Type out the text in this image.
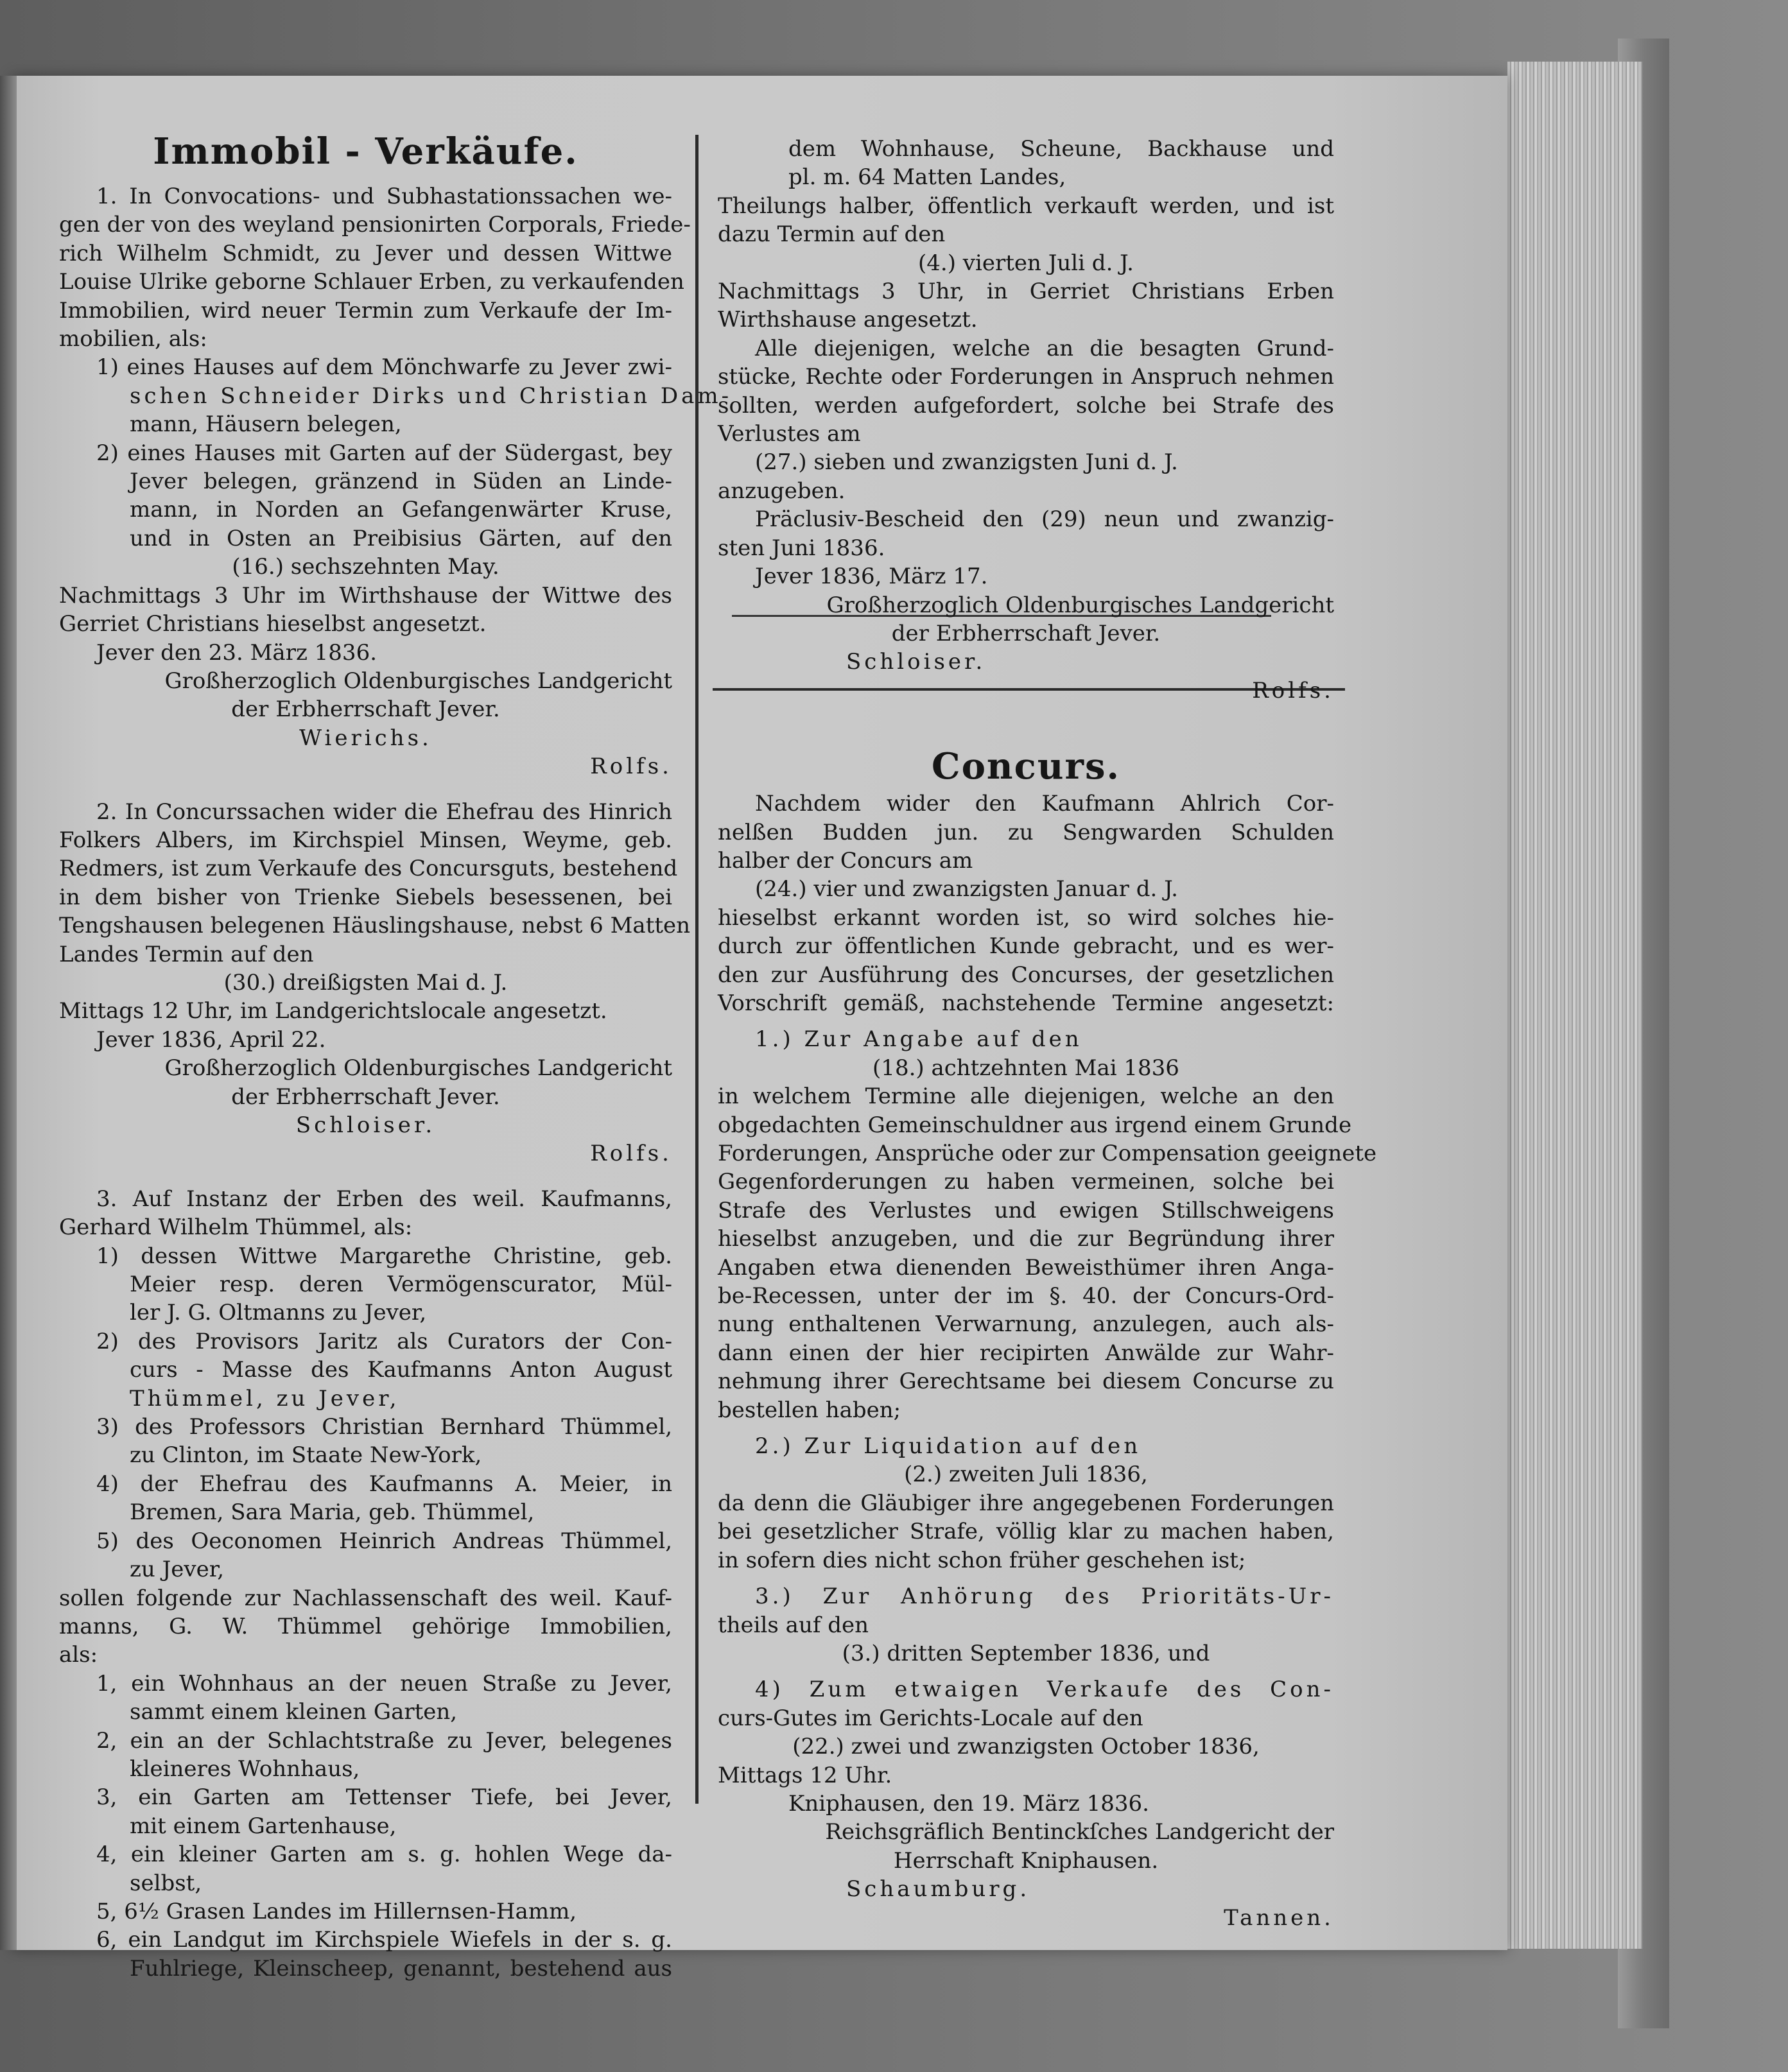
Immobil - Verkäufe.
1. In Convocations- und Subhastationssachen we-
gen der von des weyland pensionirten Corporals, Friede-
rich Wilhelm Schmidt, zu Jever und dessen Wittwe
Louise Ulrike geborne Schlauer Erben, zu verkaufenden
Immobilien, wird neuer Termin zum Verkaufe der Im-
mobilien, als:
1) eines Hauses auf dem Mönchwarfe zu Jever zwi-
schen Schneider Dirks und Christian Dam-
mann, Häusern belegen,
2) eines Hauses mit Garten auf der Südergast, bey
Jever belegen, gränzend in Süden an Linde-
mann, in Norden an Gefangenwärter Kruse,
und in Osten an Preibisius Gärten, auf den
(16.) sechszehnten May.
Nachmittags 3 Uhr im Wirthshause der Wittwe des
Gerriet Christians hieselbst angesetzt.
Jever den 23. März 1836.
Großherzoglich Oldenburgisches Landgericht
der Erbherrschaft Jever.
Wierichs.
Rolfs.
2. In Concurssachen wider die Ehefrau des Hinrich
Folkers Albers, im Kirchspiel Minsen, Weyme, geb.
Redmers, ist zum Verkaufe des Concursguts, bestehend
in dem bisher von Trienke Siebels besessenen, bei
Tengshausen belegenen Häuslingshause, nebst 6 Matten
Landes Termin auf den
(30.) dreißigsten Mai d. J.
Mittags 12 Uhr, im Landgerichtslocale angesetzt.
Jever 1836, April 22.
Großherzoglich Oldenburgisches Landgericht
der Erbherrschaft Jever.
Schloiser.
Rolfs.
3. Auf Instanz der Erben des weil. Kaufmanns,
Gerhard Wilhelm Thümmel, als:
1) dessen Wittwe Margarethe Christine, geb.
Meier resp. deren Vermögenscurator, Mül-
ler J. G. Oltmanns zu Jever,
2) des Provisors Jaritz als Curators der Con-
curs - Masse des Kaufmanns Anton August
Thümmel, zu Jever,
3) des Professors Christian Bernhard Thümmel,
zu Clinton, im Staate New-York,
4) der Ehefrau des Kaufmanns A. Meier, in
Bremen, Sara Maria, geb. Thümmel,
5) des Oeconomen Heinrich Andreas Thümmel,
zu Jever,
sollen folgende zur Nachlassenschaft des weil. Kauf-
manns, G. W. Thümmel gehörige Immobilien,
als:
1, ein Wohnhaus an der neuen Straße zu Jever,
sammt einem kleinen Garten,
2, ein an der Schlachtstraße zu Jever, belegenes
kleineres Wohnhaus,
3, ein Garten am Tettenser Tiefe, bei Jever,
mit einem Gartenhause,
4, ein kleiner Garten am s. g. hohlen Wege da-
selbst,
5, 6½ Grasen Landes im Hillernsen-Hamm,
6, ein Landgut im Kirchspiele Wiefels in der s. g.
Fuhlriege, Kleinscheep, genannt, bestehend aus
dem Wohnhause, Scheune, Backhause und
pl. m. 64 Matten Landes,
Theilungs halber, öffentlich verkauft werden, und ist
dazu Termin auf den
(4.) vierten Juli d. J.
Nachmittags 3 Uhr, in Gerriet Christians Erben
Wirthshause angesetzt.
Alle diejenigen, welche an die besagten Grund-
stücke, Rechte oder Forderungen in Anspruch nehmen
sollten, werden aufgefordert, solche bei Strafe des
Verlustes am
(27.) sieben und zwanzigsten Juni d. J.
anzugeben.
Präclusiv-Bescheid den (29) neun und zwanzig-
sten Juni 1836.
Jever 1836, März 17.
Großherzoglich Oldenburgisches Landgericht
der Erbherrschaft Jever.
Schloiser.
Rolfs.
Concurs.
Nachdem wider den Kaufmann Ahlrich Cor-
nelßen Budden jun. zu Sengwarden Schulden
halber der Concurs am
(24.) vier und zwanzigsten Januar d. J.
hieselbst erkannt worden ist, so wird solches hie-
durch zur öffentlichen Kunde gebracht, und es wer-
den zur Ausführung des Concurses, der gesetzlichen
Vorschrift gemäß, nachstehende Termine angesetzt:
1.) Zur Angabe auf den
(18.) achtzehnten Mai 1836
in welchem Termine alle diejenigen, welche an den
obgedachten Gemeinschuldner aus irgend einem Grunde
Forderungen, Ansprüche oder zur Compensation geeignete
Gegenforderungen zu haben vermeinen, solche bei
Strafe des Verlustes und ewigen Stillschweigens
hieselbst anzugeben, und die zur Begründung ihrer
Angaben etwa dienenden Beweisthümer ihren Anga-
be-Recessen, unter der im §. 40. der Concurs-Ord-
nung enthaltenen Verwarnung, anzulegen, auch als-
dann einen der hier recipirten Anwälde zur Wahr-
nehmung ihrer Gerechtsame bei diesem Concurse zu
bestellen haben;
2.) Zur Liquidation auf den
(2.) zweiten Juli 1836,
da denn die Gläubiger ihre angegebenen Forderungen
bei gesetzlicher Strafe, völlig klar zu machen haben,
in sofern dies nicht schon früher geschehen ist;
3.) Zur Anhörung des Prioritäts-Ur-
theils auf den
(3.) dritten September 1836, und
4) Zum etwaigen Verkaufe des Con-
curs-Gutes im Gerichts-Locale auf den
(22.) zwei und zwanzigsten October 1836,
Mittags 12 Uhr.
Kniphausen, den 19. März 1836.
Reichsgräflich Bentinckſches Landgericht der
Herrschaft Kniphausen.
Schaumburg.
Tannen.
